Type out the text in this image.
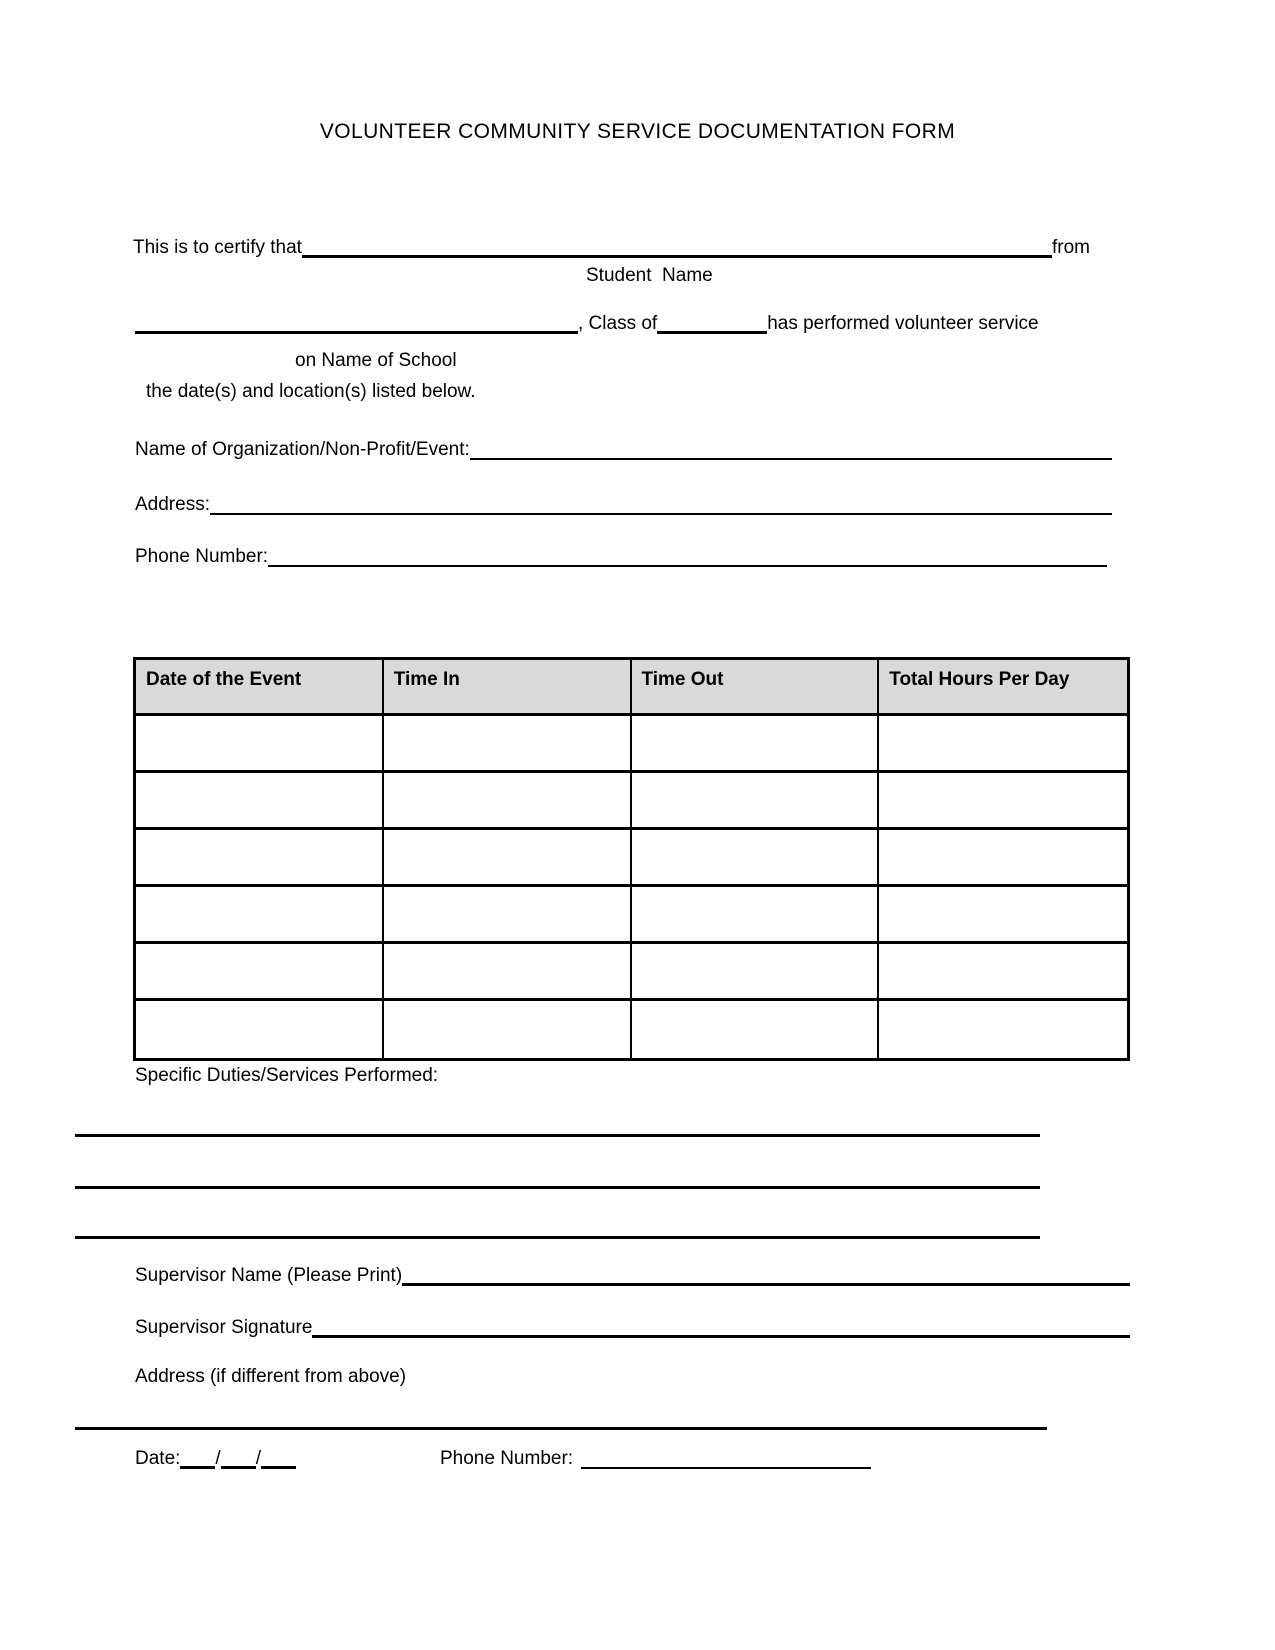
VOLUNTEER COMMUNITY SERVICE DOCUMENTATION FORM
This is to certify that	from
Student  Name
, Class of	has performed volunteer service
on Name of School
the date(s) and location(s) listed below.
Name of Organization/Non-Profit/Event:
Address:
Phone Number:
Date of the Event	Time In	Time Out	Total Hours Per Day
Specific Duties/Services Performed:
Supervisor Name (Please Print)
Supervisor Signature
Address (if different from above)
Date: / /	Phone Number:
